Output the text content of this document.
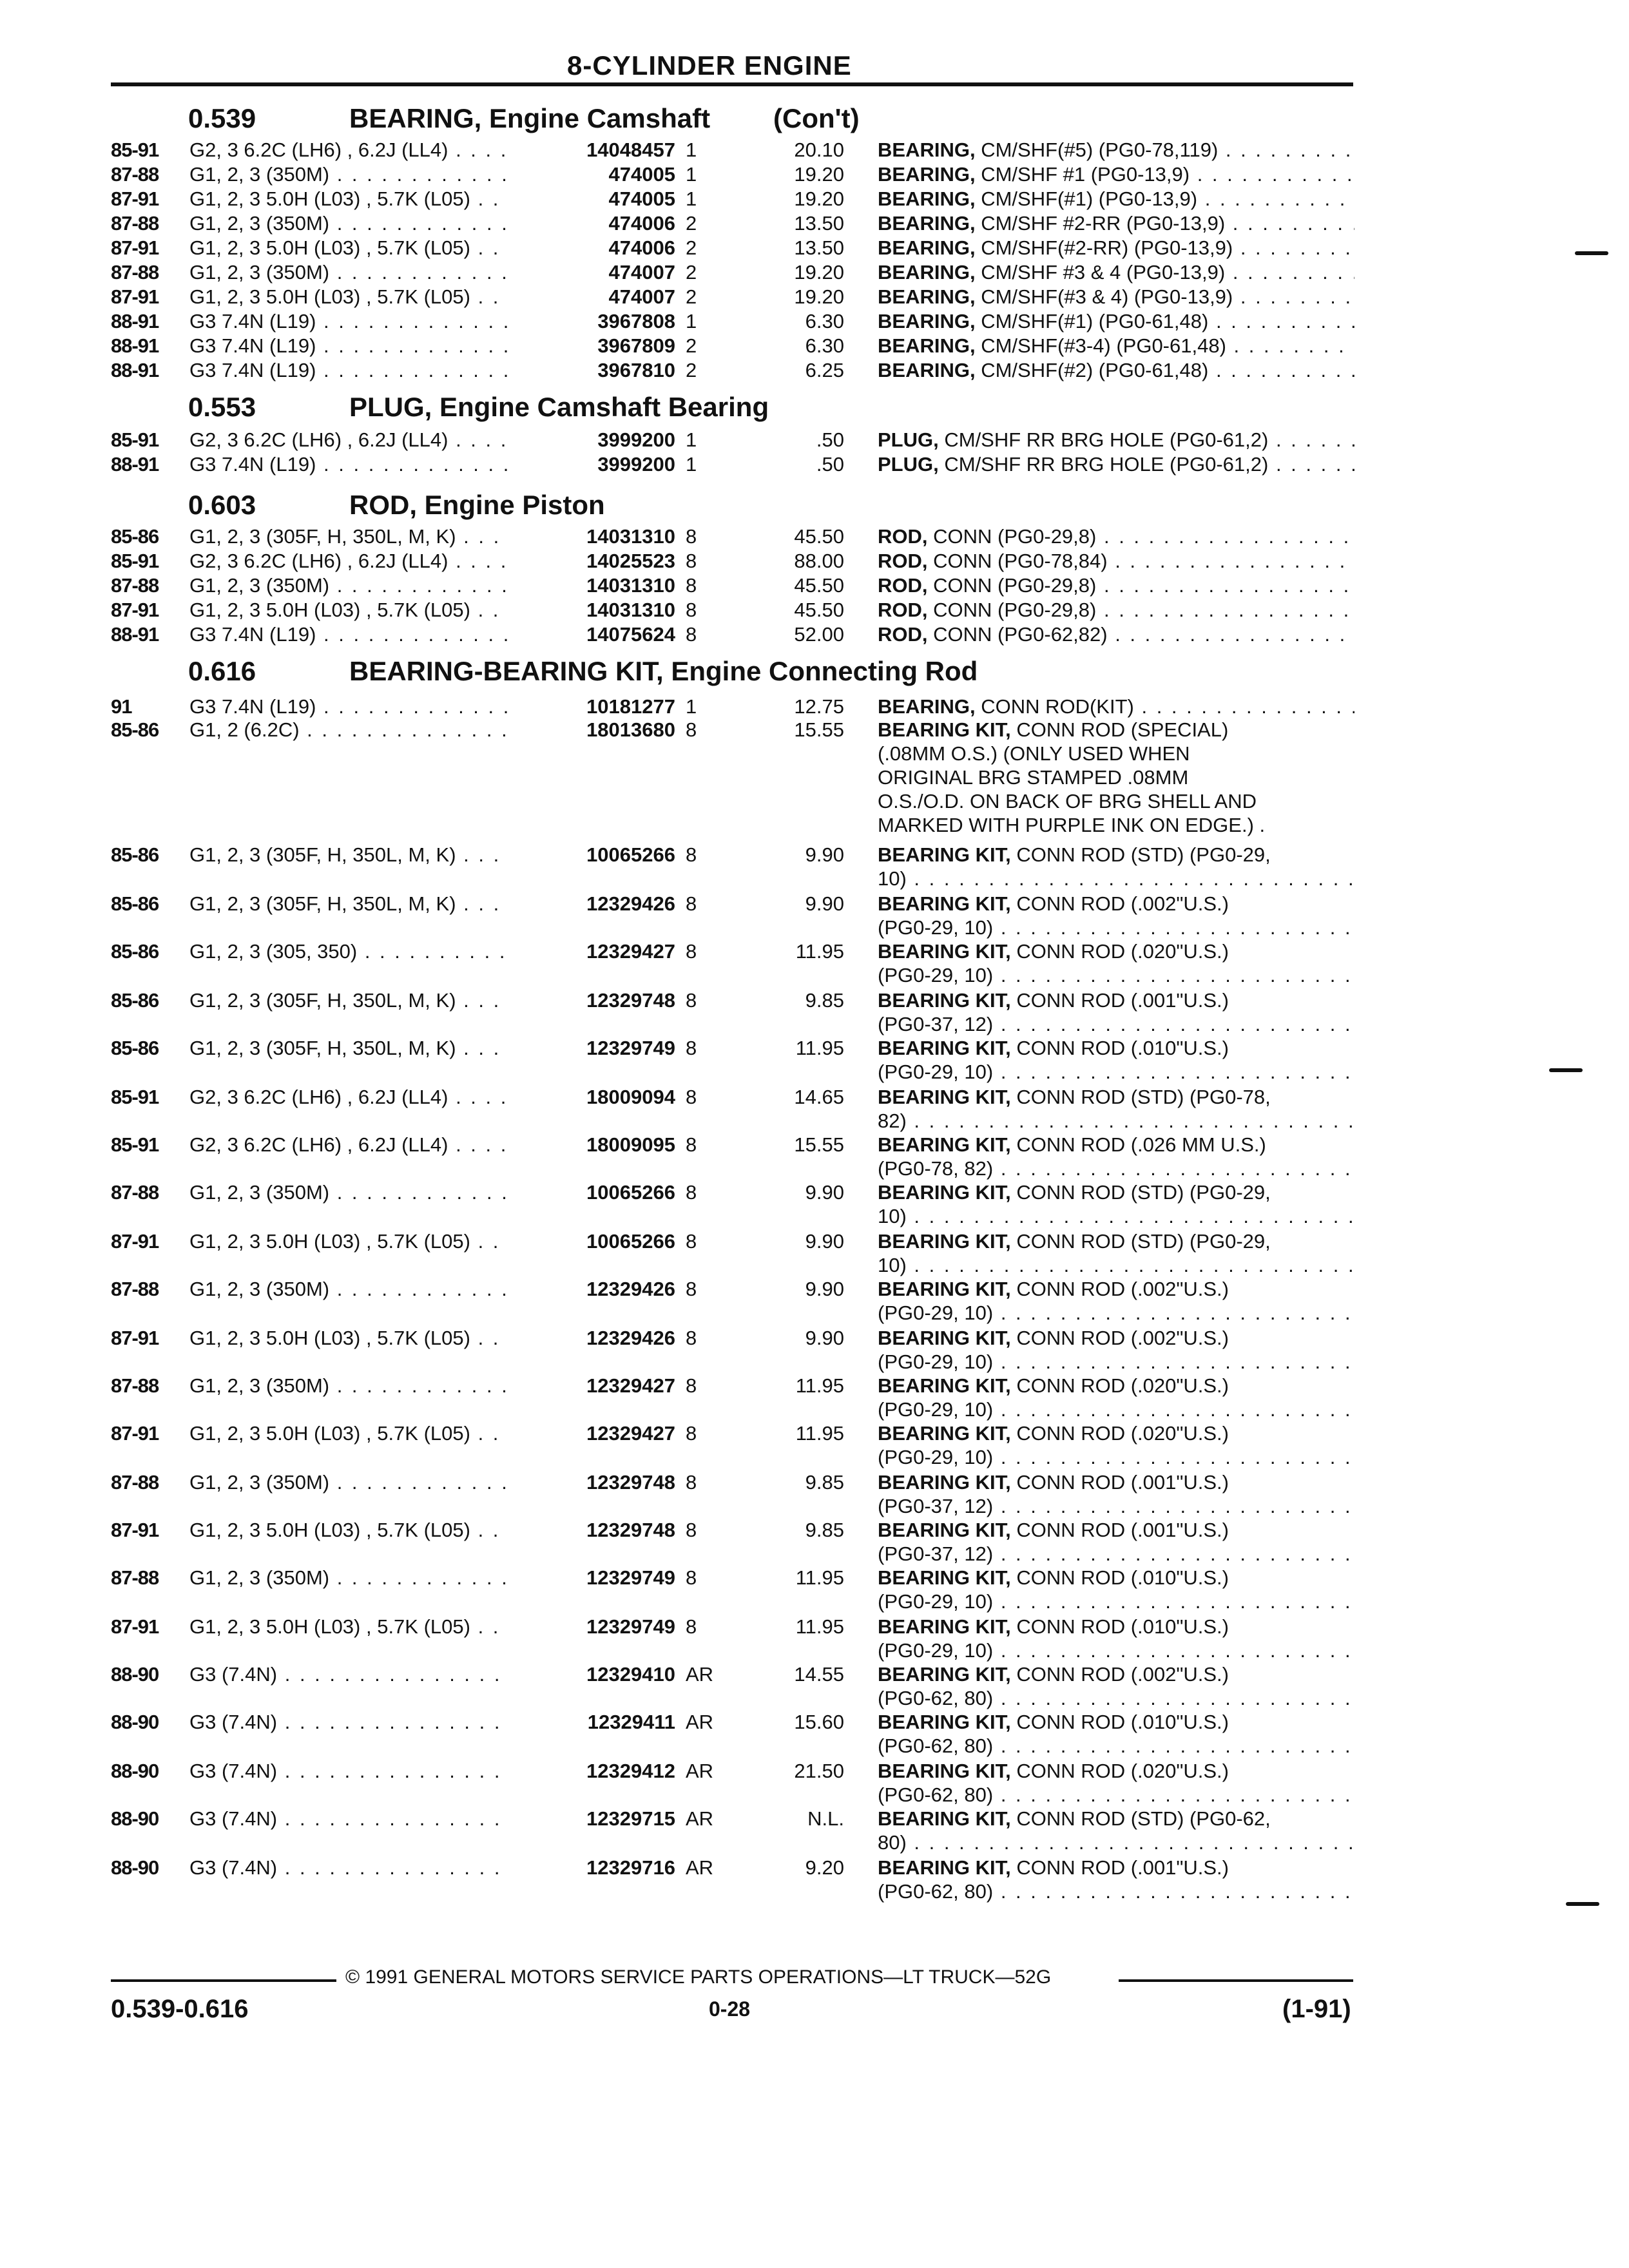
8-CYLINDER ENGINE
0.539	BEARING, Engine Camshaft (Con't)
0.553	PLUG, Engine Camshaft Bearing
0.603	ROD, Engine Piston
0.616	BEARING-BEARING KIT, Engine Connecting Rod
85-91	G2, 3 6.2C (LH6) , 6.2J (LL4) . . .	14048457 1	20.10 BEARING, CM/SHF(#5) (PG0-78,119) . . .
87-88	G1, 2, 3 (350M) . . .	474005 1	19.20 BEARING, CM/SHF #1 (PG0-13,9) . . .
87-91	G1, 2, 3 5.0H (L03) , 5.7K (L05) . . .	474005 1	19.20 BEARING, CM/SHF(#1) (PG0-13,9) . . .
87-88	G1, 2, 3 (350M) . . .	474006 2	13.50 BEARING, CM/SHF #2-RR (PG0-13,9) . . .
87-91	G1, 2, 3 5.0H (L03) , 5.7K (L05) . . .	474006 2	13.50 BEARING, CM/SHF(#2-RR) (PG0-13,9) . . .
87-88	G1, 2, 3 (350M) . . .	474007 2	19.20 BEARING, CM/SHF #3 & 4 (PG0-13,9) . . .
87-91	G1, 2, 3 5.0H (L03) , 5.7K (L05) . . .	474007 2	19.20 BEARING, CM/SHF(#3 & 4) (PG0-13,9) . . .
88-91	G3 7.4N (L19) . . .	3967808 1	6.30 BEARING, CM/SHF(#1) (PG0-61,48) . . .
88-91	G3 7.4N (L19) . . .	3967809 2	6.30 BEARING, CM/SHF(#3-4) (PG0-61,48) . . .
88-91	G3 7.4N (L19) . . .	3967810 2	6.25 BEARING, CM/SHF(#2) (PG0-61,48) . . .
85-91	G2, 3 6.2C (LH6) , 6.2J (LL4) . . .	3999200 1	.50 PLUG, CM/SHF RR BRG HOLE (PG0-61,2) . . .
88-91	G3 7.4N (L19) . . .	3999200 1	.50 PLUG, CM/SHF RR BRG HOLE (PG0-61,2) . . .
85-86	G1, 2, 3 (305F, H, 350L, M, K) . . .	14031310 8	45.50 ROD, CONN (PG0-29,8) . . .
85-91	G2, 3 6.2C (LH6) , 6.2J (LL4) . . .	14025523 8	88.00 ROD, CONN (PG0-78,84) . . .
87-88	G1, 2, 3 (350M) . . .	14031310 8	45.50 ROD, CONN (PG0-29,8) . . .
87-91	G1, 2, 3 5.0H (L03) , 5.7K (L05) . . .	14031310 8	45.50 ROD, CONN (PG0-29,8) . . .
88-91	G3 7.4N (L19) . . .	14075624 8	52.00 ROD, CONN (PG0-62,82) . . .
91	G3 7.4N (L19) . . .	10181277 1	12.75 BEARING, CONN ROD(KIT) . . .
85-86	G1, 2 (6.2C) . . .	18013680 8	15.55 BEARING KIT, CONN ROD (SPECIAL)
(.08MM O.S.) (ONLY USED WHEN
ORIGINAL BRG STAMPED .08MM
O.S./O.D. ON BACK OF BRG SHELL AND
MARKED WITH PURPLE INK ON EDGE.) .
85-86	G1, 2, 3 (305F, H, 350L, M, K) . . .	10065266 8	9.90 BEARING KIT, CONN ROD (STD) (PG0-29,
10) . . .
85-86	G1, 2, 3 (305F, H, 350L, M, K) . . .	12329426 8	9.90 BEARING KIT, CONN ROD (.002"U.S.)
(PG0-29, 10) . . .
85-86	G1, 2, 3 (305, 350) . . .	12329427 8	11.95 BEARING KIT, CONN ROD (.020"U.S.)
(PG0-29, 10) . . .
85-86	G1, 2, 3 (305F, H, 350L, M, K) . . .	12329748 8	9.85 BEARING KIT, CONN ROD (.001"U.S.)
(PG0-37, 12) . . .
85-86	G1, 2, 3 (305F, H, 350L, M, K) . . .	12329749 8	11.95 BEARING KIT, CONN ROD (.010"U.S.)
(PG0-29, 10) . . .
85-91	G2, 3 6.2C (LH6) , 6.2J (LL4) . . .	18009094 8	14.65 BEARING KIT, CONN ROD (STD) (PG0-78,
82) . . .
85-91	G2, 3 6.2C (LH6) , 6.2J (LL4) . . .	18009095 8	15.55 BEARING KIT, CONN ROD (.026 MM U.S.)
(PG0-78, 82) . . .
87-88	G1, 2, 3 (350M) . . .	10065266 8	9.90 BEARING KIT, CONN ROD (STD) (PG0-29,
10) . . .
87-91	G1, 2, 3 5.0H (L03) , 5.7K (L05) . . .	10065266 8	9.90 BEARING KIT, CONN ROD (STD) (PG0-29,
10) . . .
87-88	G1, 2, 3 (350M) . . .	12329426 8	9.90 BEARING KIT, CONN ROD (.002"U.S.)
(PG0-29, 10) . . .
87-91	G1, 2, 3 5.0H (L03) , 5.7K (L05) . . .	12329426 8	9.90 BEARING KIT, CONN ROD (.002"U.S.)
(PG0-29, 10) . . .
87-88	G1, 2, 3 (350M) . . .	12329427 8	11.95 BEARING KIT, CONN ROD (.020"U.S.)
(PG0-29, 10) . . .
87-91	G1, 2, 3 5.0H (L03) , 5.7K (L05) . . .	12329427 8	11.95 BEARING KIT, CONN ROD (.020"U.S.)
(PG0-29, 10) . . .
87-88	G1, 2, 3 (350M) . . .	12329748 8	9.85 BEARING KIT, CONN ROD (.001"U.S.)
(PG0-37, 12) . . .
87-91	G1, 2, 3 5.0H (L03) , 5.7K (L05) . . .	12329748 8	9.85 BEARING KIT, CONN ROD (.001"U.S.)
(PG0-37, 12) . . .
87-88	G1, 2, 3 (350M) . . .	12329749 8	11.95 BEARING KIT, CONN ROD (.010"U.S.)
(PG0-29, 10) . . .
87-91	G1, 2, 3 5.0H (L03) , 5.7K (L05) . . .	12329749 8	11.95 BEARING KIT, CONN ROD (.010"U.S.)
(PG0-29, 10) . . .
88-90	G3 (7.4N) . . .	12329410 AR	14.55 BEARING KIT, CONN ROD (.002"U.S.)
(PG0-62, 80) . . .
88-90	G3 (7.4N) . . .	12329411 AR	15.60 BEARING KIT, CONN ROD (.010"U.S.)
(PG0-62, 80) . . .
88-90	G3 (7.4N) . . .	12329412 AR	21.50 BEARING KIT, CONN ROD (.020"U.S.)
(PG0-62, 80) . . .
88-90	G3 (7.4N) . . .	12329715 AR	N.L. BEARING KIT, CONN ROD (STD) (PG0-62,
80) . . .
88-90	G3 (7.4N) . . .	12329716 AR	9.20 BEARING KIT, CONN ROD (.001"U.S.)
(PG0-62, 80) . . .
© 1991 GENERAL MOTORS SERVICE PARTS OPERATIONS—LT TRUCK—52G
0.539-0.616	0-28	(1-91)
